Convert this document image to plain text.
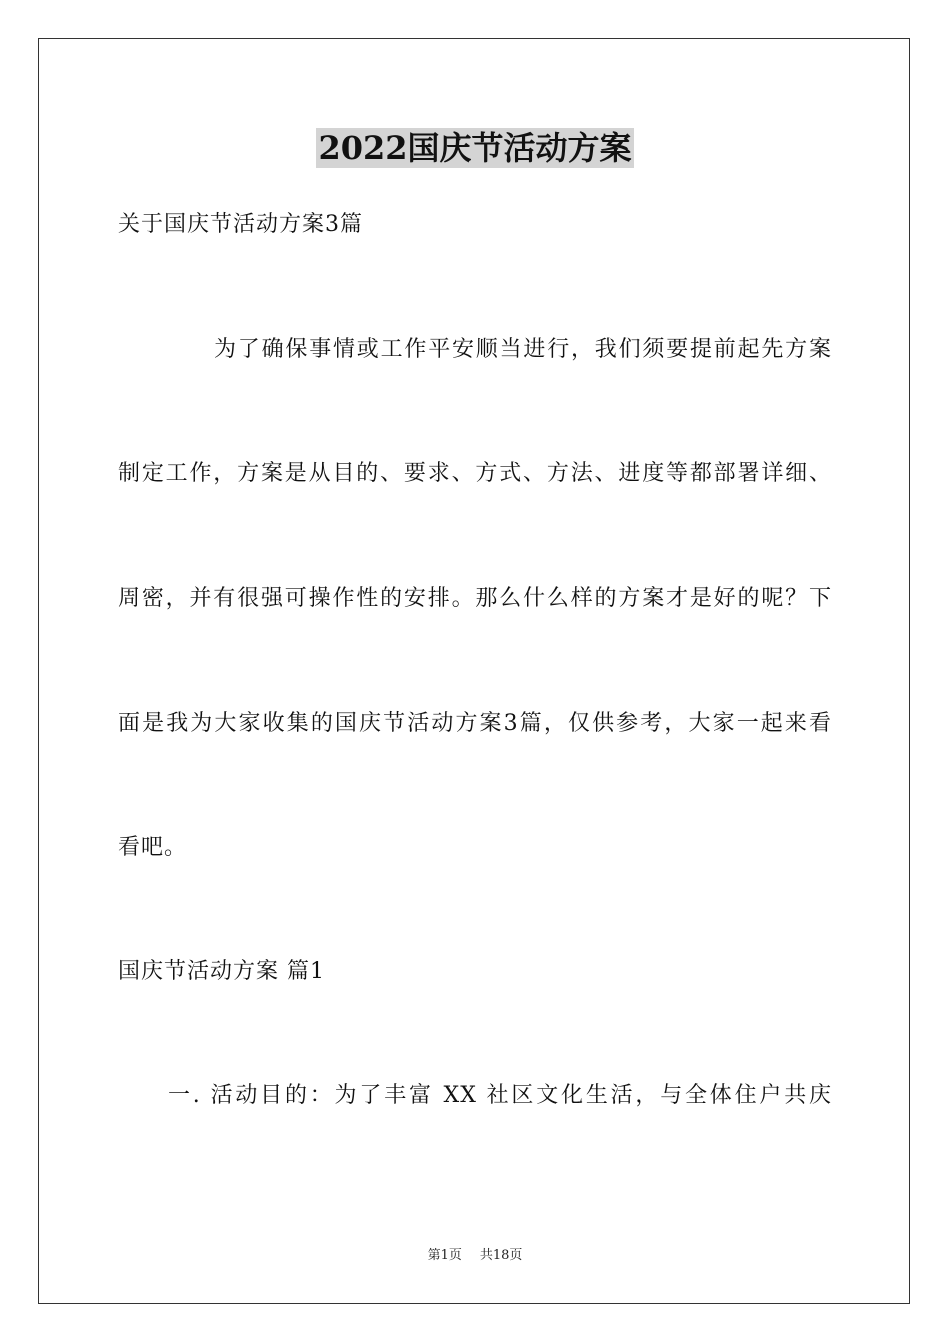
2022国庆节活动方案
关于国庆节活动方案3篇
为了确保事情或工作平安顺当进行，我们须要提前起先方案
制定工作，方案是从目的、要求、方式、方法、进度等都部署详细、
周密，并有很强可操作性的安排。那么什么样的方案才是好的呢？下
面是我为大家收集的国庆节活动方案3篇，仅供参考，大家一起来看
看吧。
国庆节活动方案 篇1
一. 活动目的：为了丰富 XX 社区文化生活，与全体住户共庆
第1页 共18页
